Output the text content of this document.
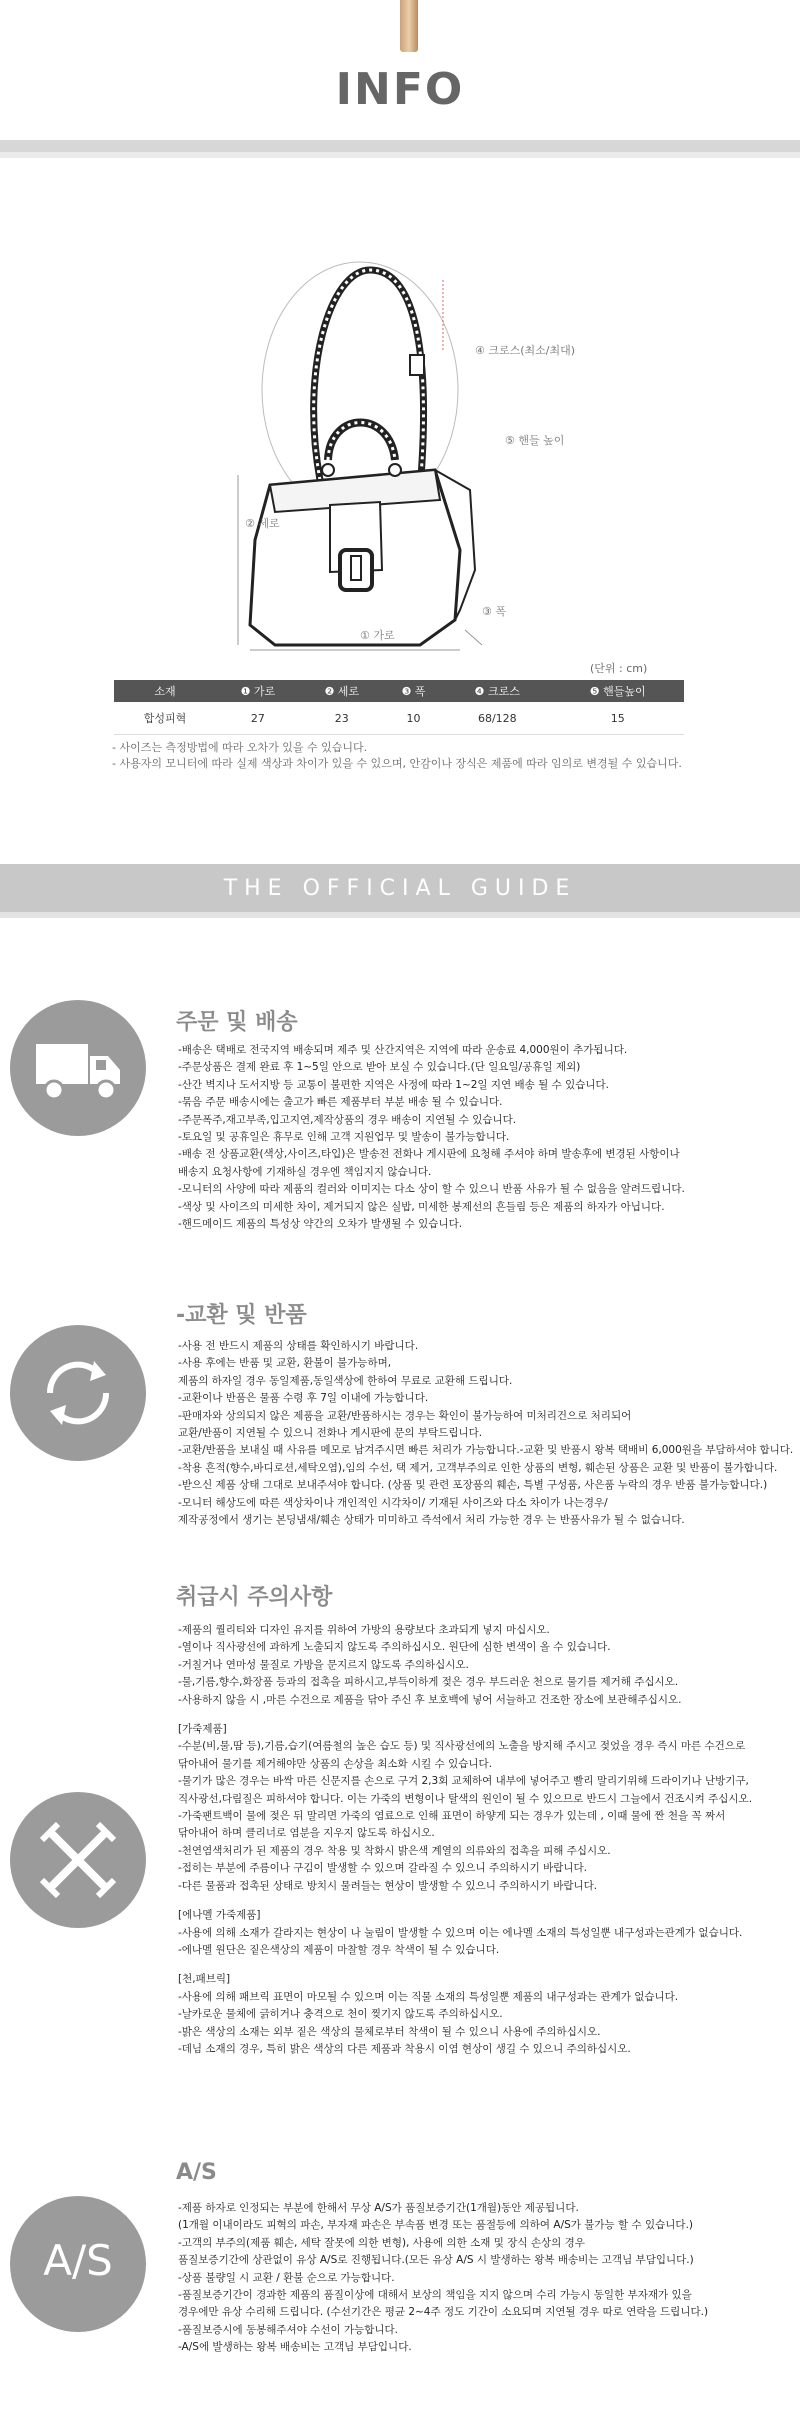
INFO
④ 크로스(최소/최대)
⑤ 핸들 높이
② 세로
③ 폭
① 가로
(단위 : cm)
소재	❶ 가로	❷ 세로	❸ 폭	❹ 크로스	❺ 핸들높이
합성피혁	27	23	10	68/128	15
- 사이즈는 측정방법에 따라 오차가 있을 수 있습니다.
- 사용자의 모니터에 따라 실제 색상과 차이가 있을 수 있으며, 안감이나 장식은 제품에 따라 임의로 변경될 수 있습니다.
THE OFFICIAL GUIDE
주문 및 배송
-배송은 택배로 전국지역 배송되며 제주 및 산간지역은 지역에 따라 운송료 4,000원이 추가됩니다.
-주문상품은 결제 완료 후 1~5일 안으로 받아 보실 수 있습니다.(단 일요일/공휴일 제외)
-산간 벽지나 도서지방 등 교통이 불편한 지역은 사정에 따라 1~2일 지연 배송 될 수 있습니다.
-묶음 주문 배송시에는 출고가 빠른 제품부터 부분 배송 될 수 있습니다.
-주문폭주,재고부족,입고지연,제작상품의 경우 배송이 지연될 수 있습니다.
-토요일 및 공휴일은 휴무로 인해 고객 지원업무 및 발송이 불가능합니다.
-배송 전 상품교환(색상,사이즈,타입)은 발송전 전화나 게시판에 요청해 주셔야 하며 발송후에 변경된 사항이나
배송지 요청사항에 기재하실 경우엔 책임지지 않습니다.
-모니터의 사양에 따라 제품의 컬러와 이미지는 다소 상이 할 수 있으니 반품 사유가 될 수 없음을 알려드립니다.
-색상 및 사이즈의 미세한 차이, 제거되지 않은 실밥, 미세한 봉제선의 흔들림 등은 제품의 하자가 아닙니다.
-핸드메이드 제품의 특성상 약간의 오차가 발생될 수 있습니다.
-교환 및 반품
-사용 전 반드시 제품의 상태를 확인하시기 바랍니다.
-사용 후에는 반품 및 교환, 환불이 불가능하며,
제품의 하자일 경우 동일제품,동일색상에 한하여 무료로 교환해 드립니다.
-교환이나 반품은 물품 수령 후 7일 이내에 가능합니다.
-판매자와 상의되지 않은 제품을 교환/반품하시는 경우는 확인이 불가능하여 미처리건으로 처리되어
교환/반품이 지연될 수 있으니 전화나 게시판에 문의 부탁드립니다.
-교환/반품을 보내실 때 사유를 메모로 남겨주시면 빠른 처리가 가능합니다.-교환 및 반품시 왕복 택배비 6,000원을 부담하셔야 합니다.
-착용 흔적(향수,바디로션,세탁오염),임의 수선, 택 제거, 고객부주의로 인한 상품의 변형, 훼손된 상품은 교환 및 반품이 불가합니다.
-받으신 제품 상태 그대로 보내주셔야 합니다. (상품 및 관련 포장품의 훼손, 특별 구성품, 사은품 누락의 경우 반품 불가능합니다.)
-모니터 해상도에 따른 색상차이나 개인적인 시각차이/ 기재된 사이즈와 다소 차이가 나는경우/
제작공정에서 생기는 본딩냄새/훼손 상태가 미미하고 즉석에서 처리 가능한 경우 는 반품사유가 될 수 없습니다.
취급시 주의사항
-제품의 퀄리티와 디자인 유지를 위하여 가방의 용량보다 초과되게 넣지 마십시오.
-열이나 직사광선에 과하게 노출되지 않도록 주의하십시오. 원단에 심한 변색이 올 수 있습니다.
-거칠거나 연마성 물질로 가방을 문지르지 않도록 주의하십시오.
-물,기름,향수,화장품 등과의 접촉을 피하시고,부득이하게 젖은 경우 부드러운 천으로 물기를 제거해 주십시오.
-사용하지 않을 시 ,마른 수건으로 제품을 닦아 주신 후 보호백에 넣어 서늘하고 건조한 장소에 보관해주십시오.
[가죽제품]
-수분(비,물,땀 등),기름,습기(여름철의 높은 습도 등) 및 직사광선에의 노출을 방지해 주시고 젖었을 경우 즉시 마른 수건으로
닦아내어 물기를 제거해야만 상품의 손상을 최소화 시킬 수 있습니다.
-물기가 많은 경우는 바싹 마른 신문지를 손으로 구겨 2,3회 교체하여 내부에 넣어주고 빨리 말리기위해 드라이기나 난방기구,
직사광선,다림질은 피하셔야 합니다. 이는 가죽의 변형이나 탈색의 원인이 될 수 있으므로 반드시 그늘에서 건조시켜 주십시오.
-가죽팬트백이 물에 젖은 뒤 말리면 가죽의 염료으로 인해 표면이 하얗게 되는 경우가 있는데 , 이때 물에 짠 천을 꼭 짜서
닦아내어 하며 클리너로 염분을 지우지 않도록 하십시오.
-천연염색처리가 된 제품의 경우 착용 및 착화시 밝은색 계열의 의류와의 접촉을 피해 주십시오.
-접히는 부분에 주름이나 구김이 발생할 수 있으며 갈라질 수 있으니 주의하시기 바랍니다.
-다른 물품과 접촉된 상태로 방치시 물려들는 현상이 발생할 수 있으니 주의하시기 바랍니다.
[에나멜 가죽제품]
-사용에 의해 소재가 갈라지는 현상이 나 눌림이 발생할 수 있으며 이는 에나멜 소재의 특성일뿐 내구성과는관계가 없습니다.
-에나멜 원단은 짙은색상의 제품이 마찰할 경우 착색이 될 수 있습니다.
[천,패브릭]
-사용에 의해 패브릭 표면이 마모될 수 있으며 이는 직물 소재의 특성일뿐 제품의 내구성과는 관계가 없습니다.
-날카로운 물체에 긁히거나 충격으로 천이 찢기지 않도록 주의하십시오.
-밝은 색상의 소재는 외부 짙은 색상의 물체로부터 착색이 될 수 있으니 사용에 주의하십시오.
-데님 소재의 경우, 특히 밝은 색상의 다른 제품과 착용시 이염 현상이 생길 수 있으니 주의하십시오.
A/S
A/S
-제품 하자로 인정되는 부분에 한해서 무상 A/S가 품질보증기간(1개월)동안 제공됩니다.
(1개월 이내이라도 피혁의 파손, 부자재 파손은 부속품 변경 또는 품절등에 의하여 A/S가 불가능 할 수 있습니다.)
-고객의 부주의(제품 훼손, 세탁 잘못에 의한 변형), 사용에 의한 소재 및 장식 손상의 경우
품질보증기간에 상관없이 유상 A/S로 진행됩니다.(모든 유상 A/S 시 발생하는 왕복 배송비는 고객님 부담입니다.)
-상품 불량일 시 교환 / 환불 순으로 가능합니다.
-품질보증기간이 경과한 제품의 품질이상에 대해서 보상의 책임을 지지 않으며 수리 가능시 동일한 부자재가 있을
경우에만 유상 수리해 드립니다. (수선기간은 평균 2~4주 정도 기간이 소요되며 지연될 경우 따로 연락을 드립니다.)
-품질보증시에 동봉해주셔야 수선이 가능합니다.
-A/S에 발생하는 왕복 배송비는 고객님 부담입니다.
